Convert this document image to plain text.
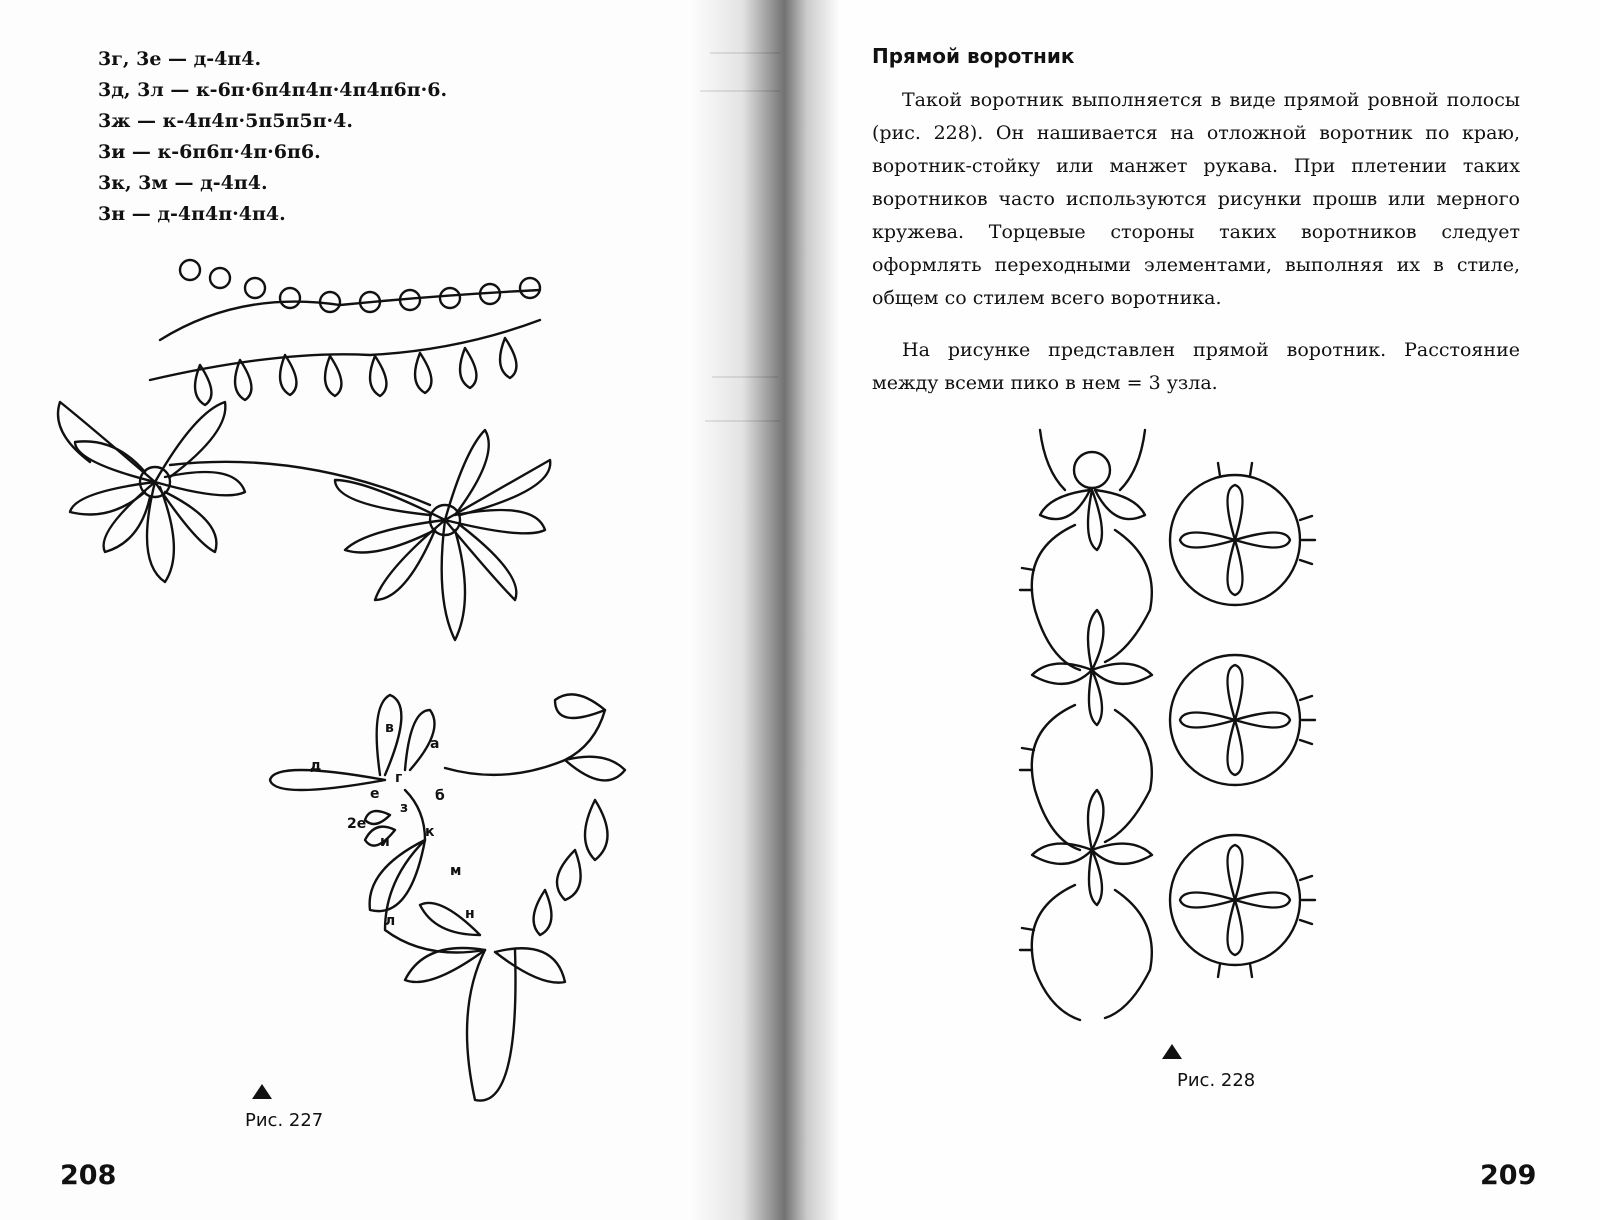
3г, 3е — д-4п4.
3д, 3л — к-6п·6п4п4п·4п4п6п·6.
3ж — к-4п4п·5п5п5п·4.
3и — к-6п6п·4п·6п6.
3к, 3м — д-4п4.
3н — д-4п4п·4п4.
в
а
д
г
е	б
з
2е	к
и
м
л	н
Рис. 227
208
Прямой воротник
Такой воротник выполняется в виде прямой ровной полосы (рис. 228). Он нашивается на отложной воротник по краю, воротник-стойку или манжет рукава. При плетении таких воротников часто используются рисунки прошв или мерного кружева. Торцевые стороны таких воротников следует оформлять переходными элементами, выполняя их в стиле, общем со стилем всего воротника.
На рисунке представлен прямой воротник. Расстояние между всеми пико в нем = 3 узла.
Рис. 228
209
